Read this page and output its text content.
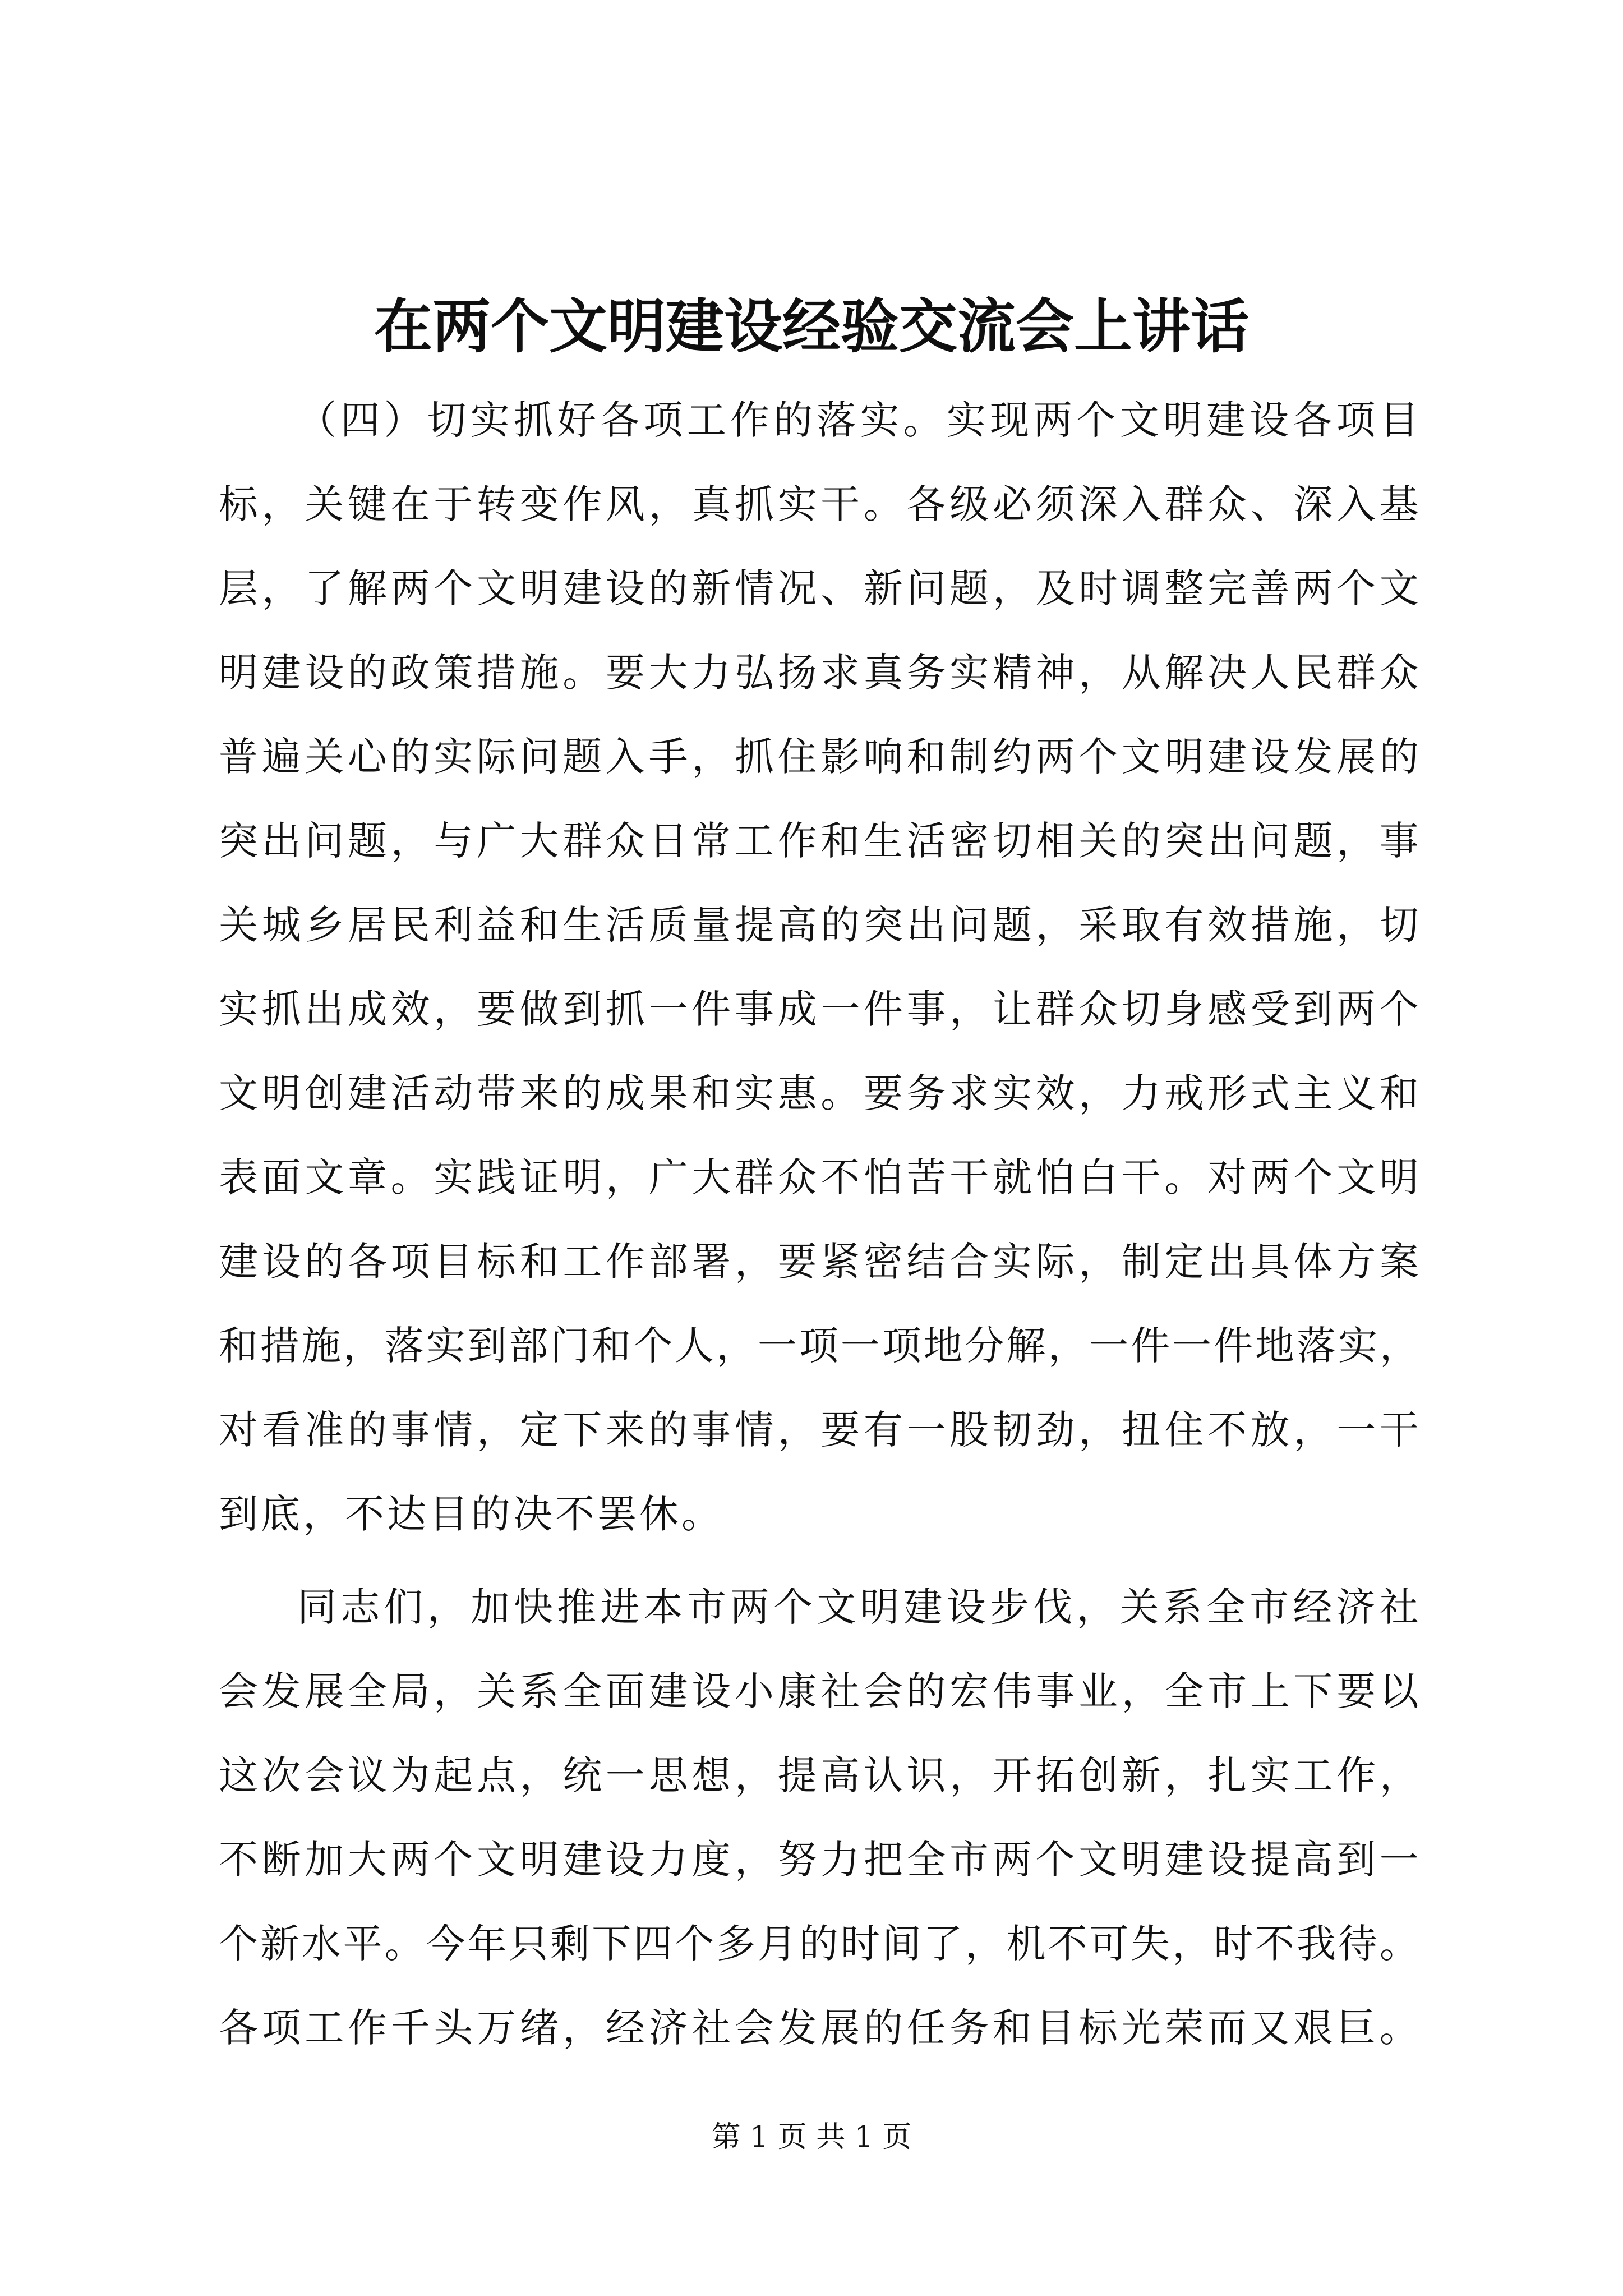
在两个文明建设经验交流会上讲话
（ 四 ） 切 实 抓 好 各 项 工 作 的 落 实 。 实 现 两 个 文 明 建 设 各 项 目
标 ， 关 键 在 于 转 变 作 风 ， 真 抓 实 干 。 各 级 必 须 深 入 群 众 、 深 入 基
层 ， 了 解 两 个 文 明 建 设 的 新 情 况 、 新 问 题 ， 及 时 调 整 完 善 两 个 文
明 建 设 的 政 策 措 施 。 要 大 力 弘 扬 求 真 务 实 精 神 ， 从 解 决 人 民 群 众
普 遍 关 心 的 实 际 问 题 入 手 ， 抓 住 影 响 和 制 约 两 个 文 明 建 设 发 展 的
突 出 问 题 ， 与 广 大 群 众 日 常 工 作 和 生 活 密 切 相 关 的 突 出 问 题 ， 事
关 城 乡 居 民 利 益 和 生 活 质 量 提 高 的 突 出 问 题 ， 采 取 有 效 措 施 ， 切
实 抓 出 成 效 ， 要 做 到 抓 一 件 事 成 一 件 事 ， 让 群 众 切 身 感 受 到 两 个
文 明 创 建 活 动 带 来 的 成 果 和 实 惠 。 要 务 求 实 效 ， 力 戒 形 式 主 义 和
表 面 文 章 。 实 践 证 明 ， 广 大 群 众 不 怕 苦 干 就 怕 白 干 。 对 两 个 文 明
建 设 的 各 项 目 标 和 工 作 部 署 ， 要 紧 密 结 合 实 际 ， 制 定 出 具 体 方 案
和 措 施 ， 落 实 到 部 门 和 个 人 ， 一 项 一 项 地 分 解 ， 一 件 一 件 地 落 实 ，
对 看 准 的 事 情 ， 定 下 来 的 事 情 ， 要 有 一 股 韧 劲 ， 扭 住 不 放 ， 一 干
到 底 ， 不 达 目 的 决 不 罢 休 。
同 志 们 ， 加 快 推 进 本 市 两 个 文 明 建 设 步 伐 ， 关 系 全 市 经 济 社
会 发 展 全 局 ， 关 系 全 面 建 设 小 康 社 会 的 宏 伟 事 业 ， 全 市 上 下 要 以
这 次 会 议 为 起 点 ， 统 一 思 想 ， 提 高 认 识 ， 开 拓 创 新 ， 扎 实 工 作 ，
不 断 加 大 两 个 文 明 建 设 力 度 ， 努 力 把 全 市 两 个 文 明 建 设 提 高 到 一
个 新 水 平 。 今 年 只 剩 下 四 个 多 月 的 时 间 了 ， 机 不 可 失 ， 时 不 我 待 。
各 项 工 作 千 头 万 绪 ， 经 济 社 会 发 展 的 任 务 和 目 标 光 荣 而 又 艰 巨 。
第 1 页 共 1 页
